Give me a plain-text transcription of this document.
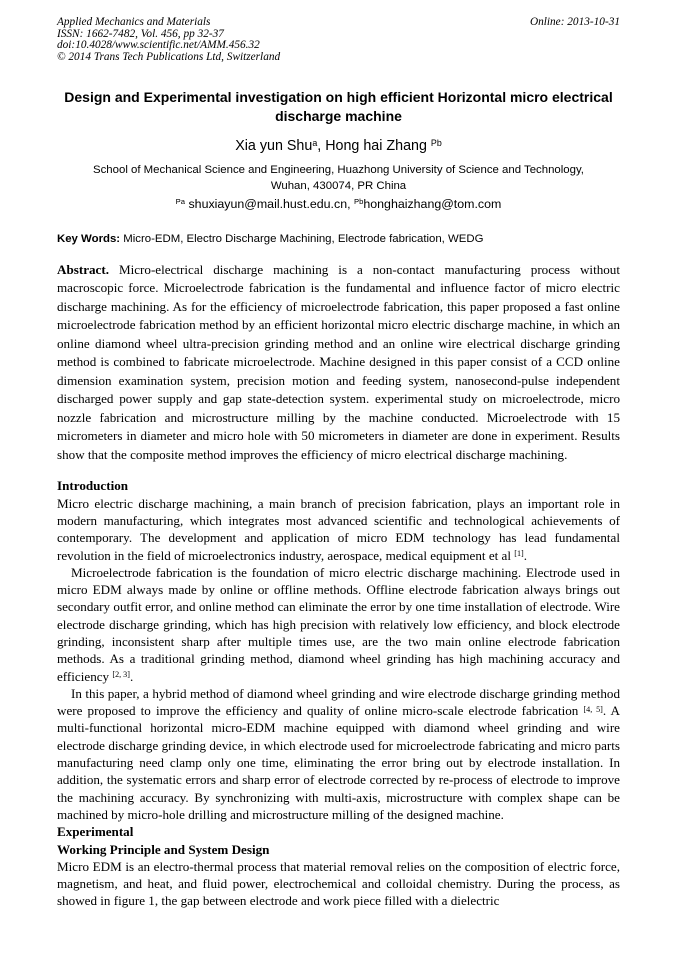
Applied Mechanics and Materials
ISSN: 1662-7482, Vol. 456, pp 32-37
doi:10.4028/www.scientific.net/AMM.456.32
© 2014 Trans Tech Publications Ltd, Switzerland
Online: 2013-10-31
Design and Experimental investigation on high efficient Horizontal micro electrical discharge machine
Xia yun Shu$^a$, Hong hai Zhang $^{Pb}$
School of Mechanical Science and Engineering, Huazhong University of Science and Technology,
Wuhan, 430074, PR China
$^{Pa}$ shuxiayun@mail.hust.edu.cn, $^{Pb}$honghaizhang@tom.com
Key Words: Micro-EDM, Electro Discharge Machining, Electrode fabrication, WEDG
Abstract. Micro-electrical discharge machining is a non-contact manufacturing process without macroscopic force. Microelectrode fabrication is the fundamental and influence factor of micro electric discharge machining. As for the efficiency of microelectrode fabrication, this paper proposed a fast online microelectrode fabrication method by an efficient horizontal micro electric discharge machine, in which an online diamond wheel ultra-precision grinding method and an online wire electrical discharge grinding method is combined to fabricate microelectrode. Machine designed in this paper consist of a CCD online dimension examination system, precision motion and feeding system, nanosecond-pulse independent discharged power supply and gap state-detection system. experimental study on microelectrode, micro nozzle fabrication and microstructure milling by the machine conducted. Microelectrode with 15 micrometers in diameter and micro hole with 50 micrometers in diameter are done in experiment. Results show that the composite method improves the efficiency of micro electrical discharge machining.
Introduction
Micro electric discharge machining, a main branch of precision fabrication, plays an important role in modern manufacturing, which integrates most advanced scientific and technological achievements of contemporary. The development and application of micro EDM technology has lead fundamental revolution in the field of microelectronics industry, aerospace, medical equipment et al [1].
Microelectrode fabrication is the foundation of micro electric discharge machining. Electrode used in micro EDM always made by online or offline methods. Offline electrode fabrication always brings out secondary outfit error, and online method can eliminate the error by one time installation of electrode. Wire electrode discharge grinding, which has high precision with relatively low efficiency, and block electrode grinding, inconsistent sharp after multiple times use, are the two main online electrode fabrication methods. As a traditional grinding method, diamond wheel grinding has high machining accuracy and efficiency [2, 3].
In this paper, a hybrid method of diamond wheel grinding and wire electrode discharge grinding method were proposed to improve the efficiency and quality of online micro-scale electrode fabrication [4, 5]. A multi-functional horizontal micro-EDM machine equipped with diamond wheel grinding and wire electrode discharge grinding device, in which electrode used for microelectrode fabricating and micro parts manufacturing need clamp only one time, eliminating the error bring out by electrode installation. In addition, the systematic errors and sharp error of electrode corrected by re-process of electrode to improve the machining accuracy. By synchronizing with multi-axis, microstructure with complex shape can be machined by micro-hole drilling and microstructure milling of the designed machine.
Experimental
Working Principle and System Design
Micro EDM is an electro-thermal process that material removal relies on the composition of electric force, magnetism, and heat, and fluid power, electrochemical and colloidal chemistry. During the process, as showed in figure 1, the gap between electrode and work piece filled with a dielectric
